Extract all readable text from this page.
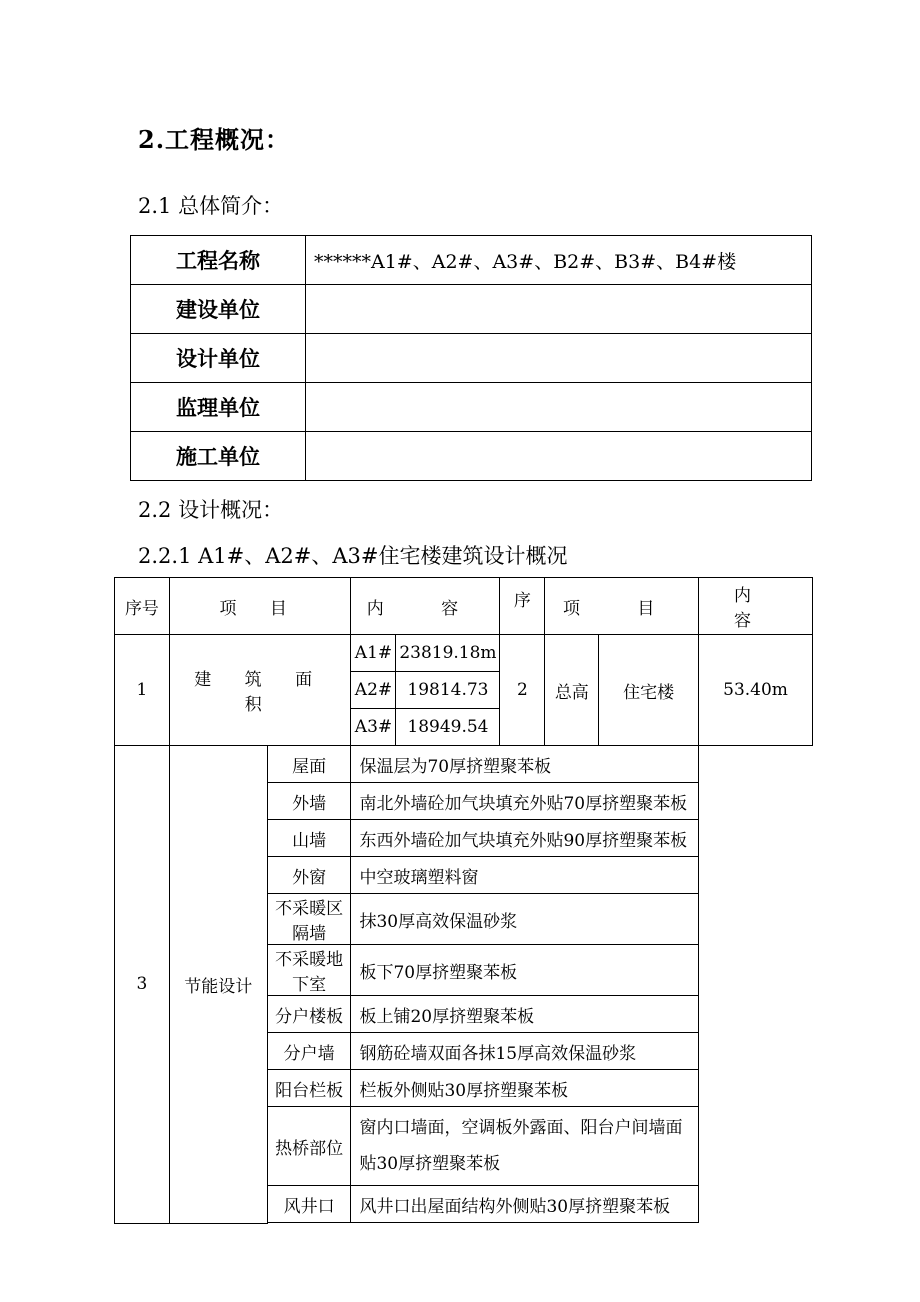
2.工程概况：
2.1 总体简介：
工程名称	******A1#、A2#、A3#、B2#、B3#、B4#楼
建设单位	
设计单位	
监理单位	
施工单位	
2.2 设计概况：
2.2.1 A1#、A2#、A3#住宅楼建筑设计概况
序号	项 目		内 容		序	项 目		内 容
1	建 筑 面 积		A1#	23819.18m	2	总高	住宅楼	53.40m
			A2#	19814.73				
			A3#	18949.54				
3	节能设计	屋面	保温层为70厚挤塑聚苯板					
		外墙	南北外墙砼加气块填充外贴70厚挤塑聚苯板					
		山墙	东西外墙砼加气块填充外贴90厚挤塑聚苯板					
		外窗	中空玻璃塑料窗					
		不采暖区隔墙	抹30厚高效保温砂浆					
		不采暖地下室	板下70厚挤塑聚苯板					
		分户楼板	板上铺20厚挤塑聚苯板					
		分户墙	钢筋砼墙双面各抹15厚高效保温砂浆					
		阳台栏板	栏板外侧贴30厚挤塑聚苯板					
		热桥部位	窗内口墙面，空调板外露面、阳台户间墙面贴30厚挤塑聚苯板					
		风井口	风井口出屋面结构外侧贴30厚挤塑聚苯板					
